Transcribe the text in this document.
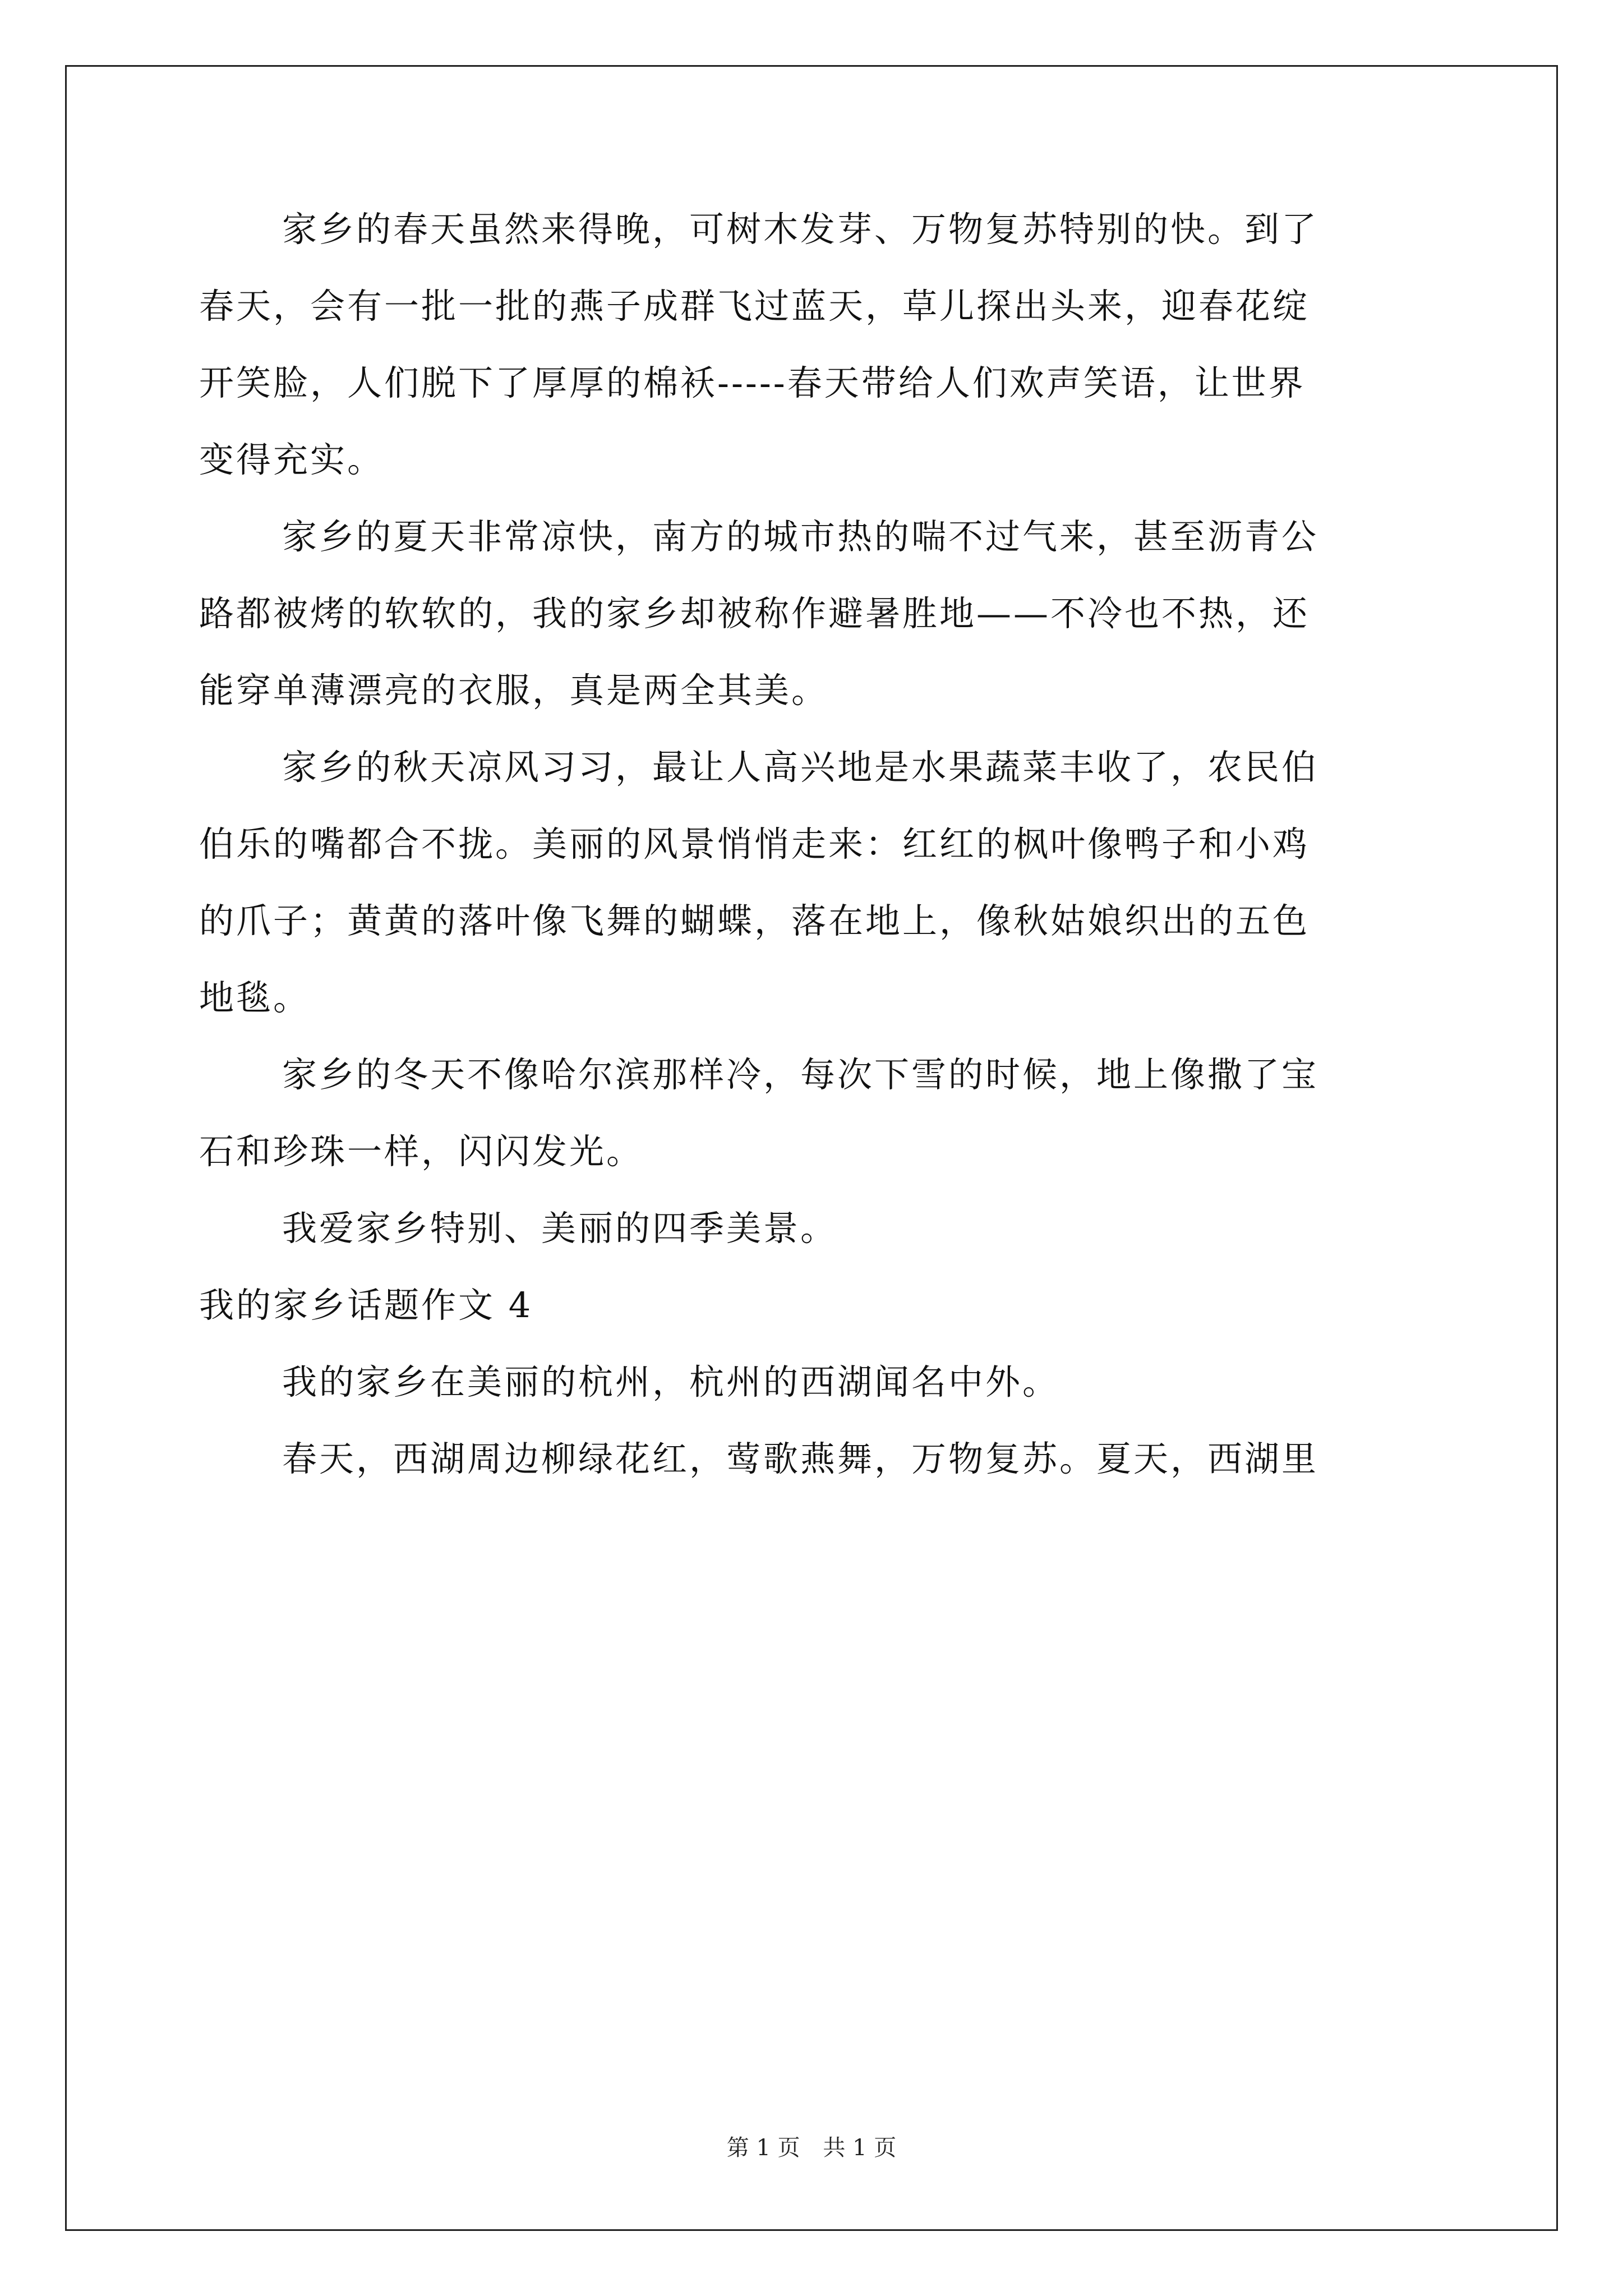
家乡的春天虽然来得晚，可树木发芽、万物复苏特别的快。到了
春天，会有一批一批的燕子成群飞过蓝天，草儿探出头来，迎春花绽
开笑脸，人们脱下了厚厚的棉袄-----春天带给人们欢声笑语，让世界
变得充实。
家乡的夏天非常凉快，南方的城市热的喘不过气来，甚至沥青公
路都被烤的软软的，我的家乡却被称作避暑胜地——不冷也不热，还
能穿单薄漂亮的衣服，真是两全其美。
家乡的秋天凉风习习，最让人高兴地是水果蔬菜丰收了，农民伯
伯乐的嘴都合不拢。美丽的风景悄悄走来：红红的枫叶像鸭子和小鸡
的爪子；黄黄的落叶像飞舞的蝴蝶，落在地上，像秋姑娘织出的五色
地毯。
家乡的冬天不像哈尔滨那样冷，每次下雪的时候，地上像撒了宝
石和珍珠一样，闪闪发光。
我爱家乡特别、美丽的四季美景。
我的家乡话题作文 4
我的家乡在美丽的杭州，杭州的西湖闻名中外。
春天，西湖周边柳绿花红，莺歌燕舞，万物复苏。夏天，西湖里
第 1 页 共 1 页
